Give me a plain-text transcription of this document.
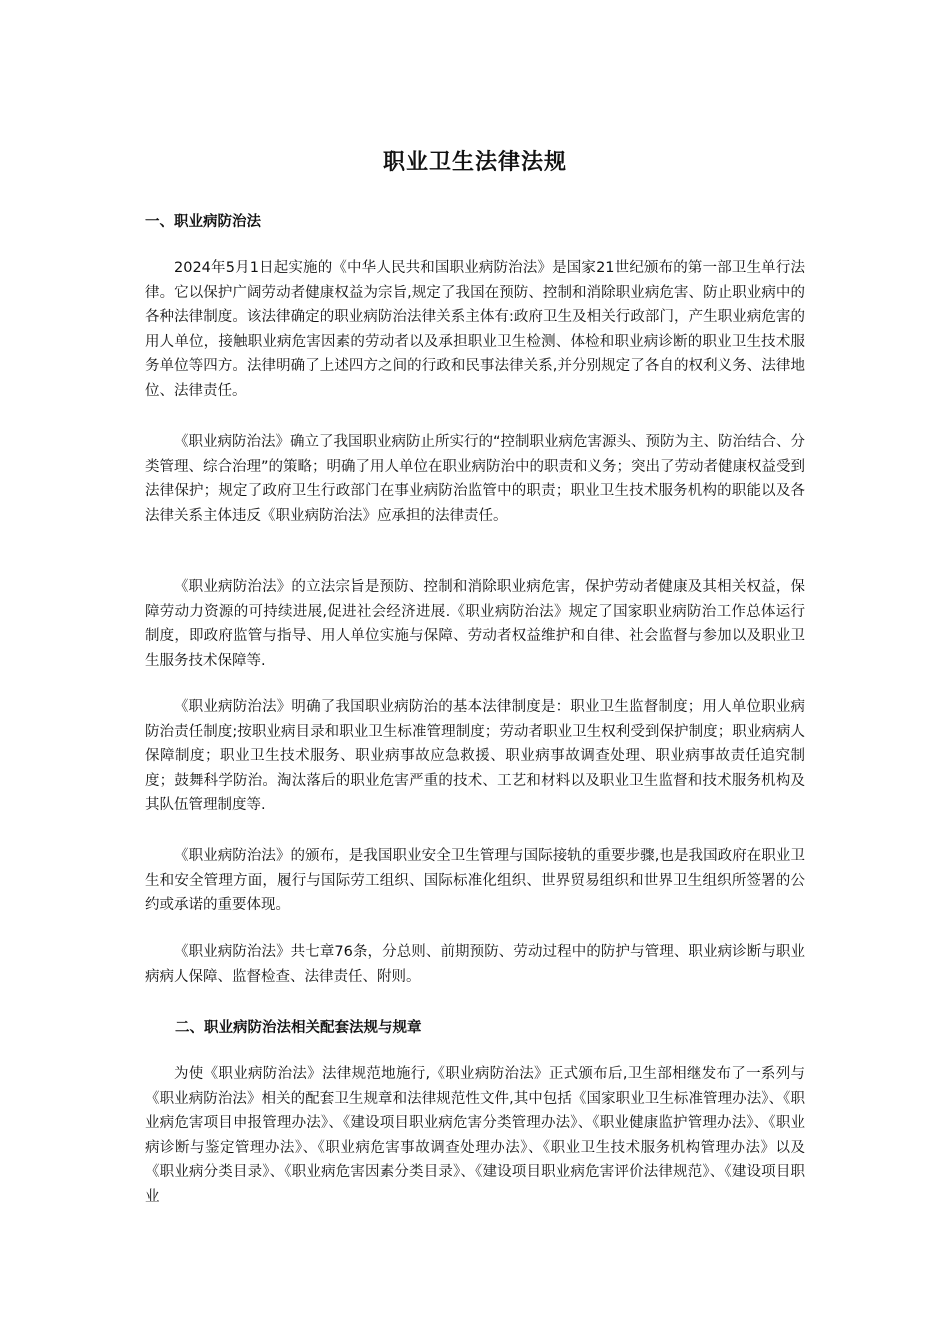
职业卫生法律法规
一、职业病防治法

2024年5月1日起实施的《中华人民共和国职业病防治法》是国家21世纪颁布的第一部卫生单行法律。它以保护广阔劳动者健康权益为宗旨,规定了我国在预防、控制和消除职业病危害、防止职业病中的各种法律制度。该法律确定的职业病防治法律关系主体有:政府卫生及相关行政部门，产生职业病危害的用人单位，接触职业病危害因素的劳动者以及承担职业卫生检测、体检和职业病诊断的职业卫生技术服务单位等四方。法律明确了上述四方之间的行政和民事法律关系,并分别规定了各自的权利义务、法律地位、法律责任。

《职业病防治法》确立了我国职业病防止所实行的“控制职业病危害源头、预防为主、防治结合、分类管理、综合治理”的策略；明确了用人单位在职业病防治中的职责和义务；突出了劳动者健康权益受到法律保护；规定了政府卫生行政部门在事业病防治监管中的职责；职业卫生技术服务机构的职能以及各法律关系主体违反《职业病防治法》应承担的法律责任。

《职业病防治法》的立法宗旨是预防、控制和消除职业病危害，保护劳动者健康及其相关权益，保障劳动力资源的可持续进展,促进社会经济进展.《职业病防治法》规定了国家职业病防治工作总体运行制度，即政府监管与指导、用人单位实施与保障、劳动者权益维护和自律、社会监督与参加以及职业卫生服务技术保障等.

《职业病防治法》明确了我国职业病防治的基本法律制度是：职业卫生监督制度；用人单位职业病防治责任制度;按职业病目录和职业卫生标准管理制度；劳动者职业卫生权利受到保护制度；职业病病人保障制度；职业卫生技术服务、职业病事故应急救援、职业病事故调查处理、职业病事故责任追究制度；鼓舞科学防治。淘汰落后的职业危害严重的技术、工艺和材料以及职业卫生监督和技术服务机构及其队伍管理制度等.

《职业病防治法》的颁布，是我国职业安全卫生管理与国际接轨的重要步骤,也是我国政府在职业卫生和安全管理方面，履行与国际劳工组织、国际标准化组织、世界贸易组织和世界卫生组织所签署的公约或承诺的重要体现。

《职业病防治法》共七章76条，分总则、前期预防、劳动过程中的防护与管理、职业病诊断与职业病病人保障、监督检查、法律责任、附则。

二、职业病防治法相关配套法规与规章

为使《职业病防治法》法律规范地施行,《职业病防治法》正式颁布后,卫生部相继发布了一系列与《职业病防治法》相关的配套卫生规章和法律规范性文件,其中包括《国家职业卫生标准管理办法》、《职业病危害项目申报管理办法》、《建设项目职业病危害分类管理办法》、《职业健康监护管理办法》、《职业病诊断与鉴定管理办法》、《职业病危害事故调查处理办法》、《职业卫生技术服务机构管理办法》以及《职业病分类目录》、《职业病危害因素分类目录》、《建设项目职业病危害评价法律规范》、《建设项目职业
